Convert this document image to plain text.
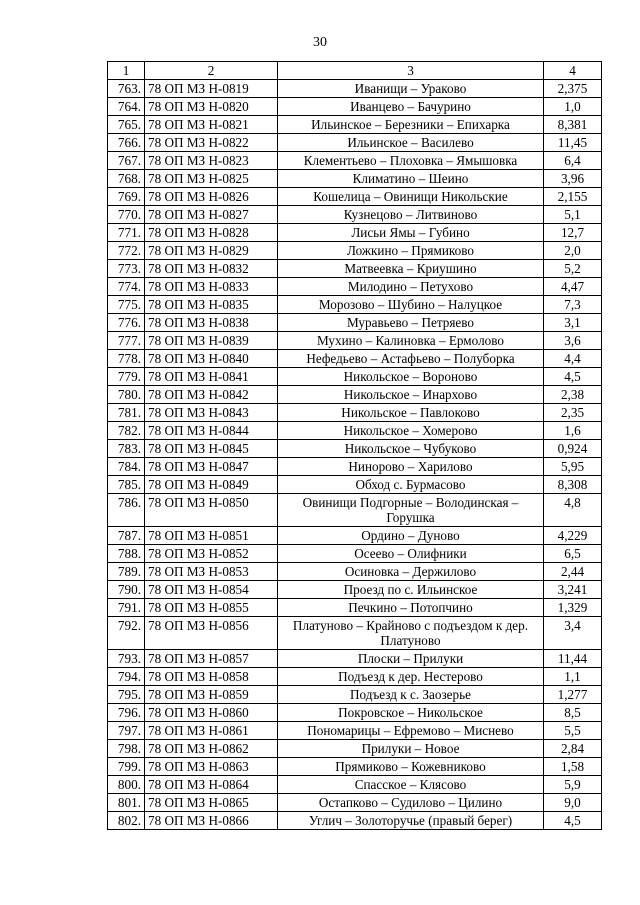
30
1	2	3	4
763.	78 ОП МЗ Н-0819	Иванищи – Ураково	2,375
764.	78 ОП МЗ Н-0820	Иванцево – Бачурино	1,0
765.	78 ОП МЗ Н-0821	Ильинское – Березники – Епихарка	8,381
766.	78 ОП МЗ Н-0822	Ильинское – Василево	11,45
767.	78 ОП МЗ Н-0823	Клементьево – Плоховка – Ямышовка	6,4
768.	78 ОП МЗ Н-0825	Климатино – Шеино	3,96
769.	78 ОП МЗ Н-0826	Кошелица – Овинищи Никольские	2,155
770.	78 ОП МЗ Н-0827	Кузнецово – Литвиново	5,1
771.	78 ОП МЗ Н-0828	Лисьи Ямы – Губино	12,7
772.	78 ОП МЗ Н-0829	Ложкино – Прямиково	2,0
773.	78 ОП МЗ Н-0832	Матвеевка – Криушино	5,2
774.	78 ОП МЗ Н-0833	Милодино – Петухово	4,47
775.	78 ОП МЗ Н-0835	Морозово – Шубино – Налуцкое	7,3
776.	78 ОП МЗ Н-0838	Муравьево – Петряево	3,1
777.	78 ОП МЗ Н-0839	Мухино – Калиновка – Ермолово	3,6
778.	78 ОП МЗ Н-0840	Нефедьево – Астафьево – Полуборка	4,4
779.	78 ОП МЗ Н-0841	Никольское – Вороново	4,5
780.	78 ОП МЗ Н-0842	Никольское – Инархово	2,38
781.	78 ОП МЗ Н-0843	Никольское – Павлоково	2,35
782.	78 ОП МЗ Н-0844	Никольское – Хомерово	1,6
783.	78 ОП МЗ Н-0845	Никольское – Чубуково	0,924
784.	78 ОП МЗ Н-0847	Нинорово – Харилово	5,95
785.	78 ОП МЗ Н-0849	Обход с. Бурмасово	8,308
786.	78 ОП МЗ Н-0850	Овинищи Подгорные – Володинская – Горушка	4,8
787.	78 ОП МЗ Н-0851	Ордино – Дуново	4,229
788.	78 ОП МЗ Н-0852	Осеево – Олифники	6,5
789.	78 ОП МЗ Н-0853	Осиновка – Держилово	2,44
790.	78 ОП МЗ Н-0854	Проезд по с. Ильинское	3,241
791.	78 ОП МЗ Н-0855	Печкино – Потопчино	1,329
792.	78 ОП МЗ Н-0856	Платуново – Крайново с подъездом к дер. Платуново	3,4
793.	78 ОП МЗ Н-0857	Плоски – Прилуки	11,44
794.	78 ОП МЗ Н-0858	Подъезд к дер. Нестерово	1,1
795.	78 ОП МЗ Н-0859	Подъезд к с. Заозерье	1,277
796.	78 ОП МЗ Н-0860	Покровское – Никольское	8,5
797.	78 ОП МЗ Н-0861	Пономарицы – Ефремово – Миснево	5,5
798.	78 ОП МЗ Н-0862	Прилуки – Новое	2,84
799.	78 ОП МЗ Н-0863	Прямиково – Кожевниково	1,58
800.	78 ОП МЗ Н-0864	Спасское – Клясово	5,9
801.	78 ОП МЗ Н-0865	Остапково – Судилово – Цилино	9,0
802.	78 ОП МЗ Н-0866	Углич – Золоторучье (правый берег)	4,5
